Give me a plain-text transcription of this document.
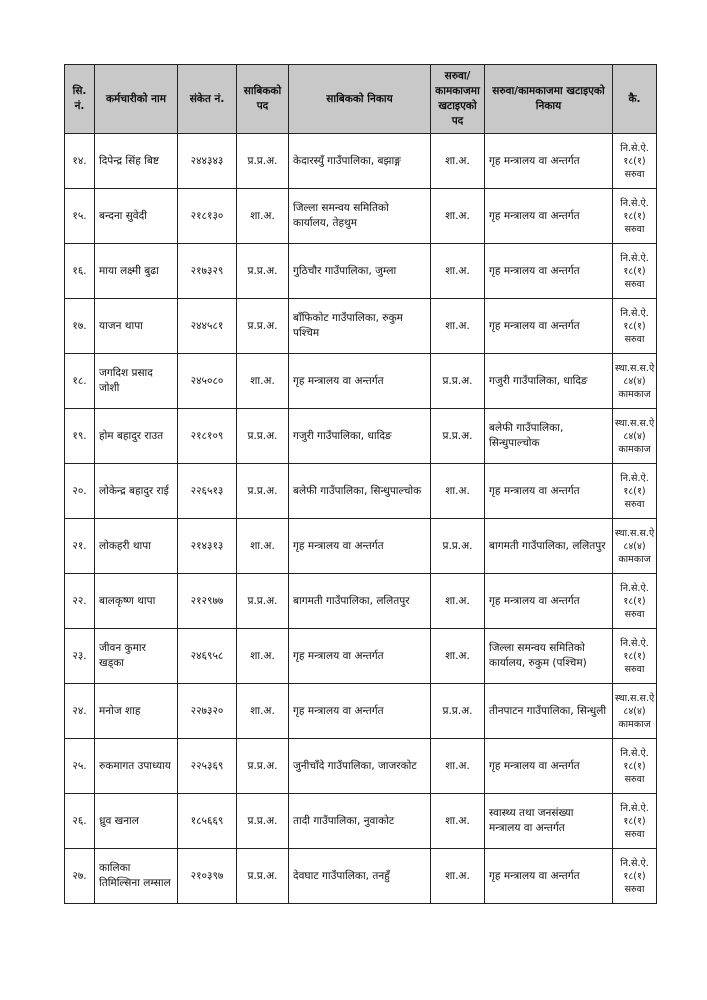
सि. नं.	कर्मचारीको नाम	संकेत नं.	साबिकको पद	साबिकको निकाय	सरुवा/ कामकाजमा खटाइएको पद	सरुवा/कामकाजमा खटाइएको निकाय	कै.
१४.	दिपेन्द्र सिंह बिष्ट	२४४३४३	प्र.प्र.अ.	केदारस्युँ गाउँपालिका, बझाङ्ग	शा.अ.	गृह मन्त्रालय वा अन्तर्गत	नि.से.ऐ.
१८(१)
सरुवा

१५.	बन्दना सुवेदी	२१८१३०	शा.अ.	जिल्ला समन्वय समितिको कार्यालय, तेहथुम	शा.अ.	गृह मन्त्रालय वा अन्तर्गत	नि.से.ऐ.
१८(१)
सरुवा

१६.	माया लक्ष्मी बुढा	२१७३२९	प्र.प्र.अ.	गुठिचौर गाउँपालिका, जुम्ला	शा.अ.	गृह मन्त्रालय वा अन्तर्गत	नि.से.ऐ.
१८(१)
सरुवा

१७.	याजन थापा	२४४५८१	प्र.प्र.अ.	बाँफिकोट गाउँपालिका, रुकुम पश्चिम	शा.अ.	गृह मन्त्रालय वा अन्तर्गत	नि.से.ऐ.
१८(१)
सरुवा

१८.	जगदिश प्रसाद जोशी	२४५०८०	शा.अ.	गृह मन्त्रालय वा अन्तर्गत	प्र.प्र.अ.	गजुरी गाउँपालिका, धादिङ	स्था.स.स.ऐ
८४(४)
कामकाज

१९.	होम बहादुर राउत	२१८१०९	प्र.प्र.अ.	गजुरी गाउँपालिका, धादिङ	प्र.प्र.अ.	बलेफी गाउँपालिका, सिन्धुपाल्चोक	स्था.स.स.ऐ
८४(४)
कामकाज

२०.	लोकेन्द्र बहादुर राई	२२६५१३	प्र.प्र.अ.	बलेफी गाउँपालिका, सिन्धुपाल्चोक	शा.अ.	गृह मन्त्रालय वा अन्तर्गत	नि.से.ऐ.
१८(१)
सरुवा

२१.	लोकहरी थापा	२१४३१३	शा.अ.	गृह मन्त्रालय वा अन्तर्गत	प्र.प्र.अ.	बागमती गाउँपालिका, ललितपुर	स्था.स.स.ऐ
८४(४)
कामकाज

२२.	बालकृष्ण थापा	२१२९७७	प्र.प्र.अ.	बागमती गाउँपालिका, ललितपुर	शा.अ.	गृह मन्त्रालय वा अन्तर्गत	नि.से.ऐ.
१८(१)
सरुवा

२३.	जीवन कुमार खड्का	२४६९५८	शा.अ.	गृह मन्त्रालय वा अन्तर्गत	शा.अ.	जिल्ला समन्वय समितिको कार्यालय, रुकुम (पश्चिम)	नि.से.ऐ.
१८(१)
सरुवा

२४.	मनोज शाह	२२७३२०	शा.अ.	गृह मन्त्रालय वा अन्तर्गत	प्र.प्र.अ.	तीनपाटन गाउँपालिका, सिन्धुली	स्था.स.स.ऐ
८४(४)
कामकाज

२५.	रुकमागत उपाध्याय	२२५३६९	प्र.प्र.अ.	जुनीचाँदे गाउँपालिका, जाजरकोट	शा.अ.	गृह मन्त्रालय वा अन्तर्गत	नि.से.ऐ.
१८(१)
सरुवा

२६.	ध्रुव खनाल	१८५६६९	प्र.प्र.अ.	तादी गाउँपालिका, नुवाकोट	शा.अ.	स्वास्थ्य तथा जनसंख्या मन्त्रालय वा अन्तर्गत	नि.से.ऐ.
१८(१)
सरुवा

२७.	कालिका तिमिल्सिना लम्साल	२१०३९७	प्र.प्र.अ.	देवघाट गाउँपालिका, तनहुँ	शा.अ.	गृह मन्त्रालय वा अन्तर्गत	नि.से.ऐ.
१८(१)
सरुवा
